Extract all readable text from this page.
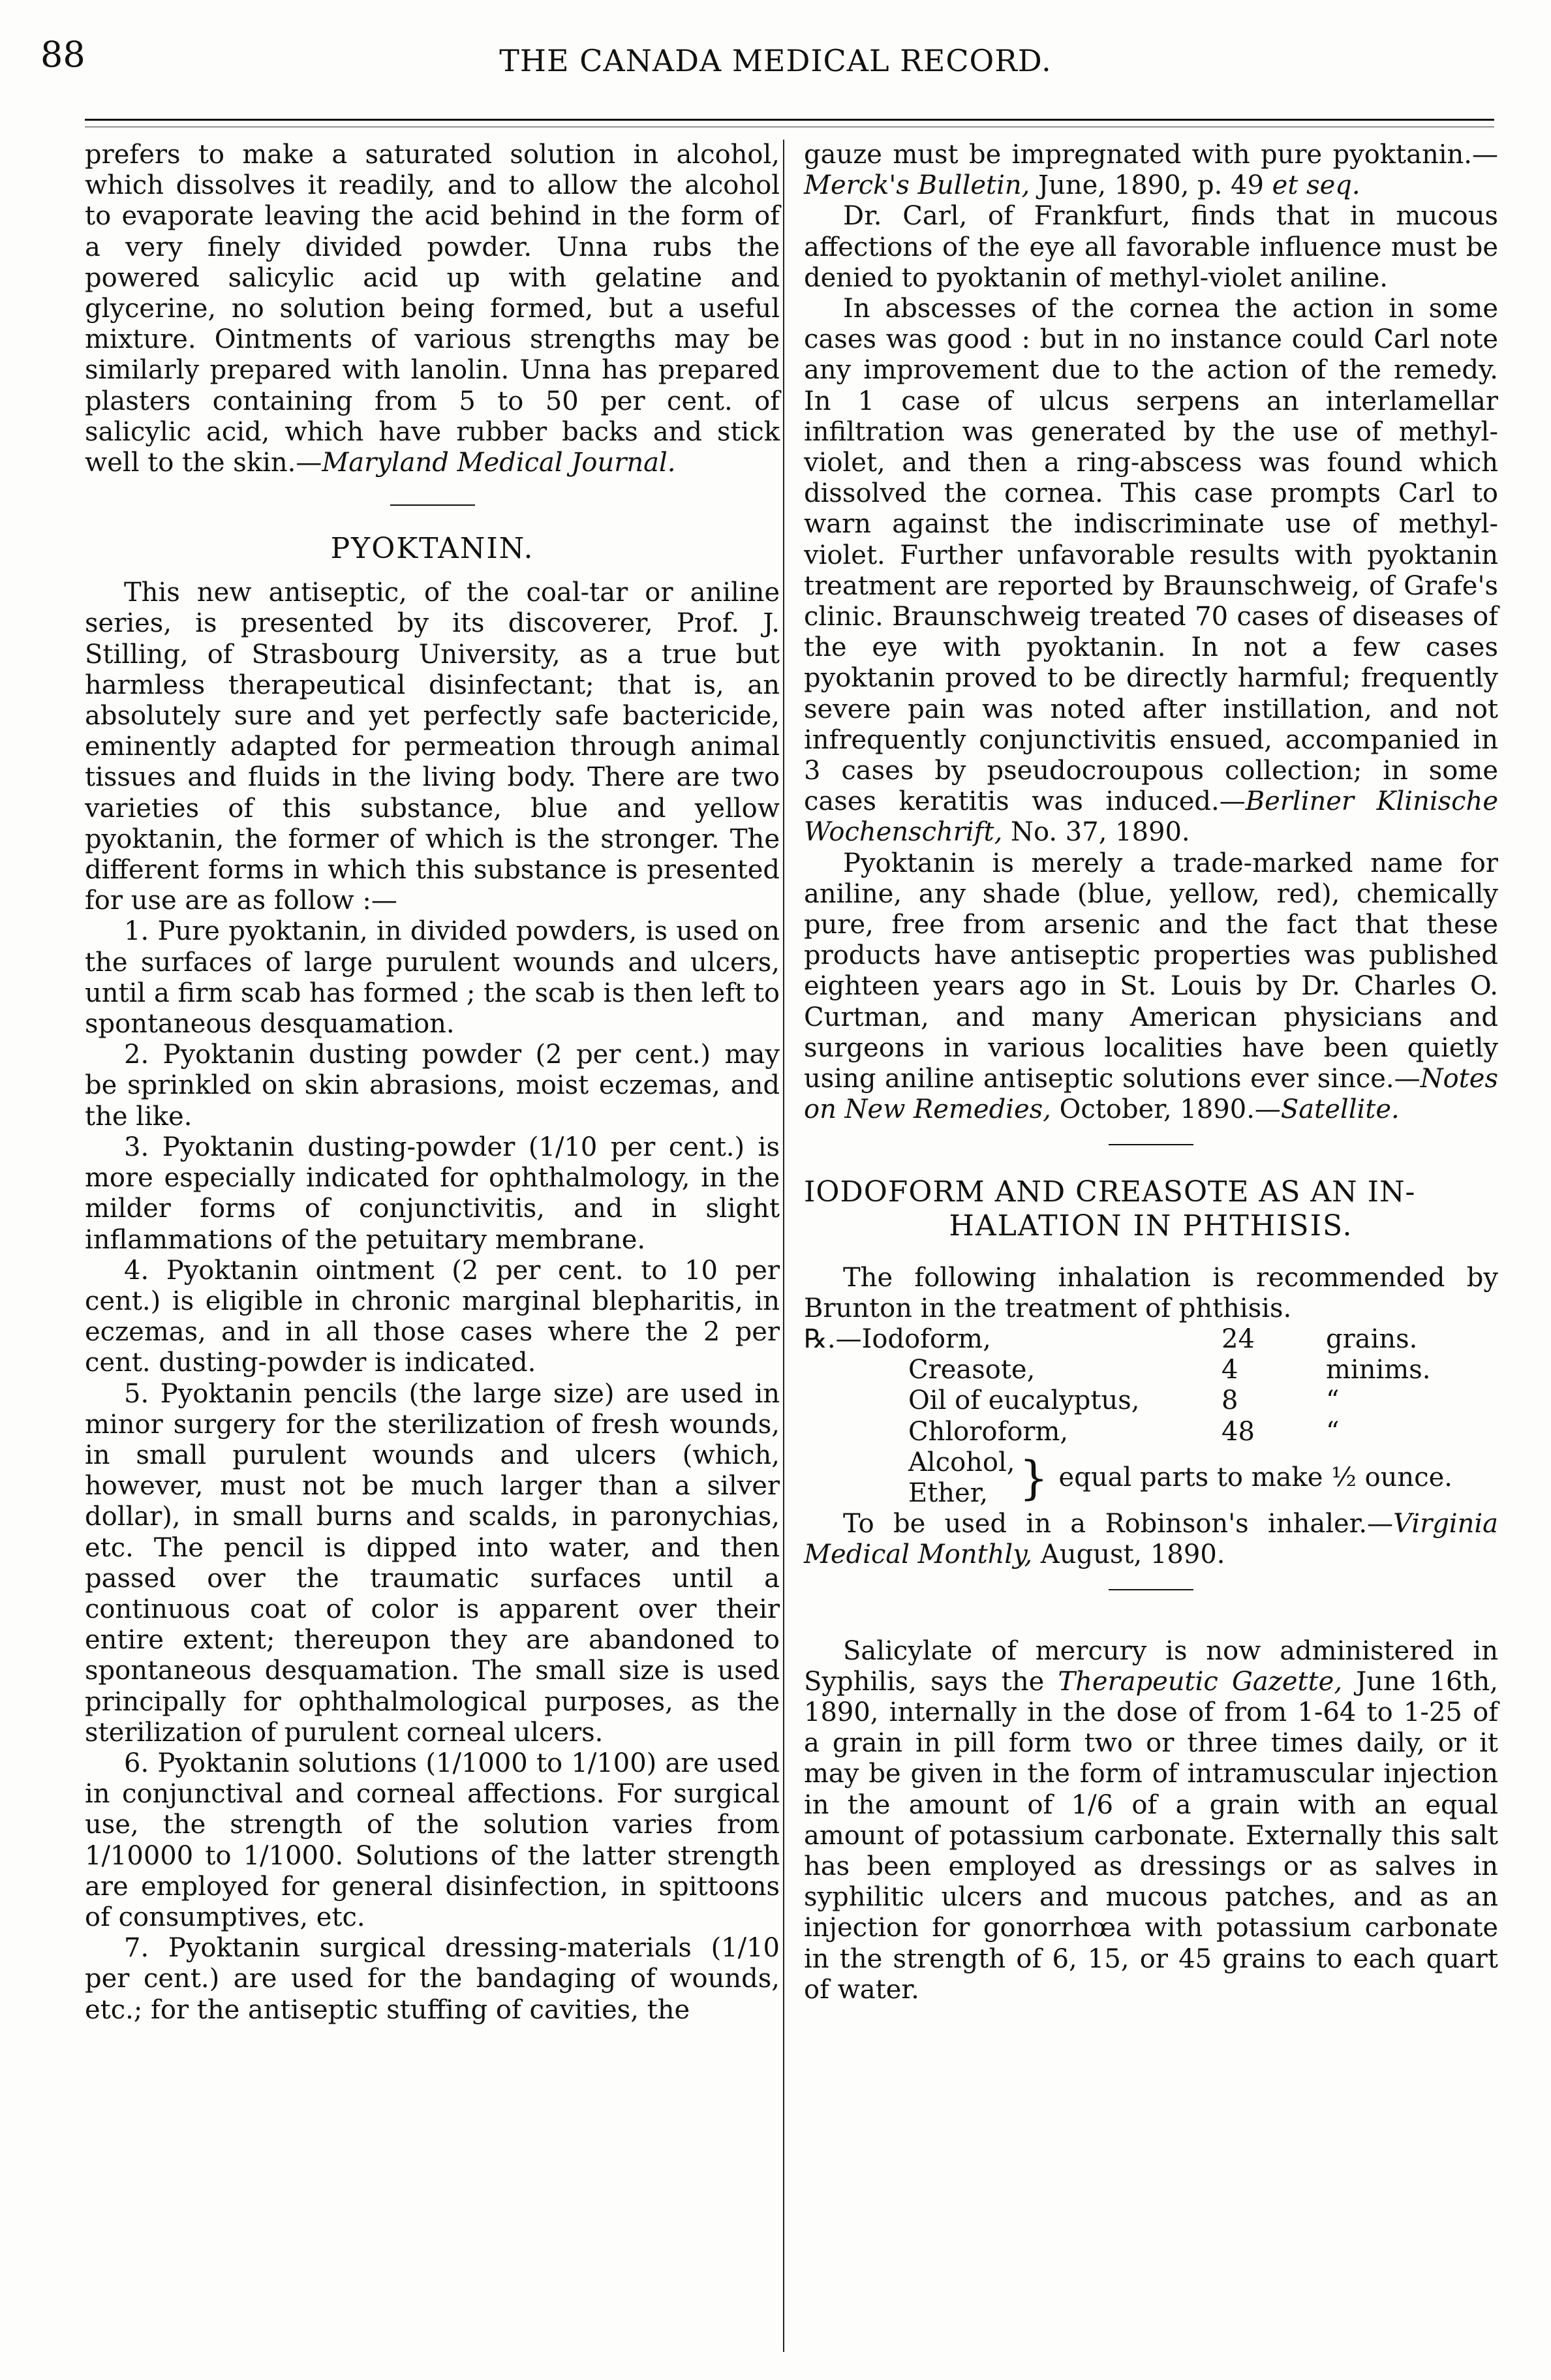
88	THE CANADA MEDICAL RECORD.

prefers to make a saturated solution in alcohol, which dissolves it readily, and to allow the alcohol to evaporate leaving the acid behind in the form of a very finely divided powder. Unna rubs the powered salicylic acid up with gelatine and glycerine, no solution being formed, but a useful mixture. Ointments of various strengths may be similarly prepared with lanolin. Unna has prepared plasters containing from 5 to 50 per cent. of salicylic acid, which have rubber backs and stick well to the skin.—Maryland Medical Journal.

PYOKTANIN.

This new antiseptic, of the coal-tar or aniline series, is presented by its discoverer, Prof. J. Stilling, of Strasbourg University, as a true but harmless therapeutical disinfectant; that is, an absolutely sure and yet perfectly safe bactericide, eminently adapted for permeation through animal tissues and fluids in the living body. There are two varieties of this substance, blue and yellow pyoktanin, the former of which is the stronger. The different forms in which this substance is presented for use are as follow :—

1. Pure pyoktanin, in divided powders, is used on the surfaces of large purulent wounds and ulcers, until a firm scab has formed ; the scab is then left to spontaneous desquamation.

2. Pyoktanin dusting powder (2 per cent.) may be sprinkled on skin abrasions, moist eczemas, and the like.

3. Pyoktanin dusting-powder (1/10 per cent.) is more especially indicated for ophthalmology, in the milder forms of conjunctivitis, and in slight inflammations of the petuitary membrane.

4. Pyoktanin ointment (2 per cent. to 10 per cent.) is eligible in chronic marginal blepharitis, in eczemas, and in all those cases where the 2 per cent. dusting-powder is indicated.

5. Pyoktanin pencils (the large size) are used in minor surgery for the sterilization of fresh wounds, in small purulent wounds and ulcers (which, however, must not be much larger than a silver dollar), in small burns and scalds, in paronychias, etc. The pencil is dipped into water, and then passed over the traumatic surfaces until a continuous coat of color is apparent over their entire extent; thereupon they are abandoned to spontaneous desquamation. The small size is used principally for ophthalmological purposes, as the sterilization of purulent corneal ulcers.

6. Pyoktanin solutions (1/1000 to 1/100) are used in conjunctival and corneal affections. For surgical use, the strength of the solution varies from 1/10000 to 1/1000. Solutions of the latter strength are employed for general disinfection, in spittoons of consumptives, etc.

7. Pyoktanin surgical dressing-materials (1/10 per cent.) are used for the bandaging of wounds, etc.; for the antiseptic stuffing of cavities, the

gauze must be impregnated with pure pyoktanin.—Merck's Bulletin, June, 1890, p. 49 et seq.

Dr. Carl, of Frankfurt, finds that in mucous affections of the eye all favorable influence must be denied to pyoktanin of methyl-violet aniline.

In abscesses of the cornea the action in some cases was good : but in no instance could Carl note any improvement due to the action of the remedy. In 1 case of ulcus serpens an interlamellar infiltration was generated by the use of methyl-violet, and then a ring-abscess was found which dissolved the cornea. This case prompts Carl to warn against the indiscriminate use of methyl-violet. Further unfavorable results with pyoktanin treatment are reported by Braunschweig, of Grafe's clinic. Braunschweig treated 70 cases of diseases of the eye with pyoktanin. In not a few cases pyoktanin proved to be directly harmful; frequently severe pain was noted after instillation, and not infrequently conjunctivitis ensued, accompanied in 3 cases by pseudocroupous collection; in some cases keratitis was induced.—Berliner Klinische Wochenschrift, No. 37, 1890.

Pyoktanin is merely a trade-marked name for aniline, any shade (blue, yellow, red), chemically pure, free from arsenic and the fact that these products have antiseptic properties was published eighteen years ago in St. Louis by Dr. Charles O. Curtman, and many American physicians and surgeons in various localities have been quietly using aniline antiseptic solutions ever since.—Notes on New Remedies, October, 1890.—Satellite.

IODOFORM AND CREASOTE AS AN IN-

HALATION IN PHTHISIS.

The following inhalation is recommended by Brunton in the treatment of phthisis.

℞.—Iodoform,	24	grains.
Creasote,	4	minims.
Oil of eucalyptus,	8	“
Chloroform,	48	“
Alcohol,
Ether, } equal parts to make ½ ounce.

To be used in a Robinson's inhaler.—Virginia Medical Monthly, August, 1890.

Salicylate of mercury is now administered in Syphilis, says the Therapeutic Gazette, June 16th, 1890, internally in the dose of from 1-64 to 1-25 of a grain in pill form two or three times daily, or it may be given in the form of intramuscular injection in the amount of 1/6 of a grain with an equal amount of potassium carbonate. Externally this salt has been employed as dressings or as salves in syphilitic ulcers and mucous patches, and as an injection for gonorrhœa with potassium carbonate in the strength of 6, 15, or 45 grains to each quart of water.
